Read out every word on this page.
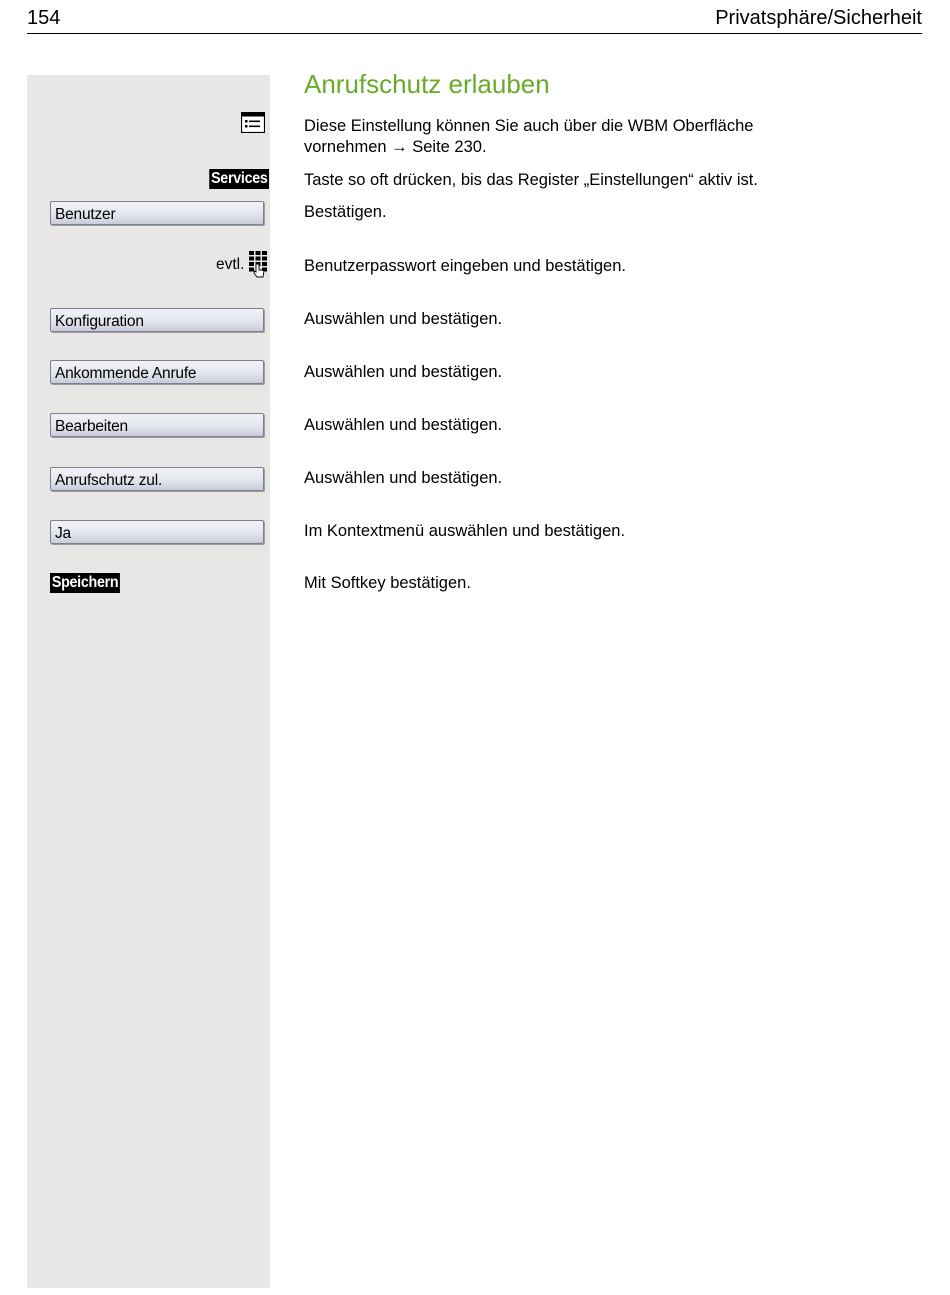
154	Privatsphäre/Sicherheit
Anrufschutz erlauben
Diese Einstellung können Sie auch über die WBM Oberfläche
vornehmen → Seite 230.
Services Taste so oft drücken, bis das Register „Einstellungen“ aktiv ist.
Benutzer	Bestätigen.
evtl.	Benutzerpasswort eingeben und bestätigen.
Konfiguration	Auswählen und bestätigen.
Ankommende Anrufe	Auswählen und bestätigen.
Bearbeiten	Auswählen und bestätigen.
Anrufschutz zul.	Auswählen und bestätigen.
Ja	Im Kontextmenü auswählen und bestätigen.
Speichern	Mit Softkey bestätigen.
